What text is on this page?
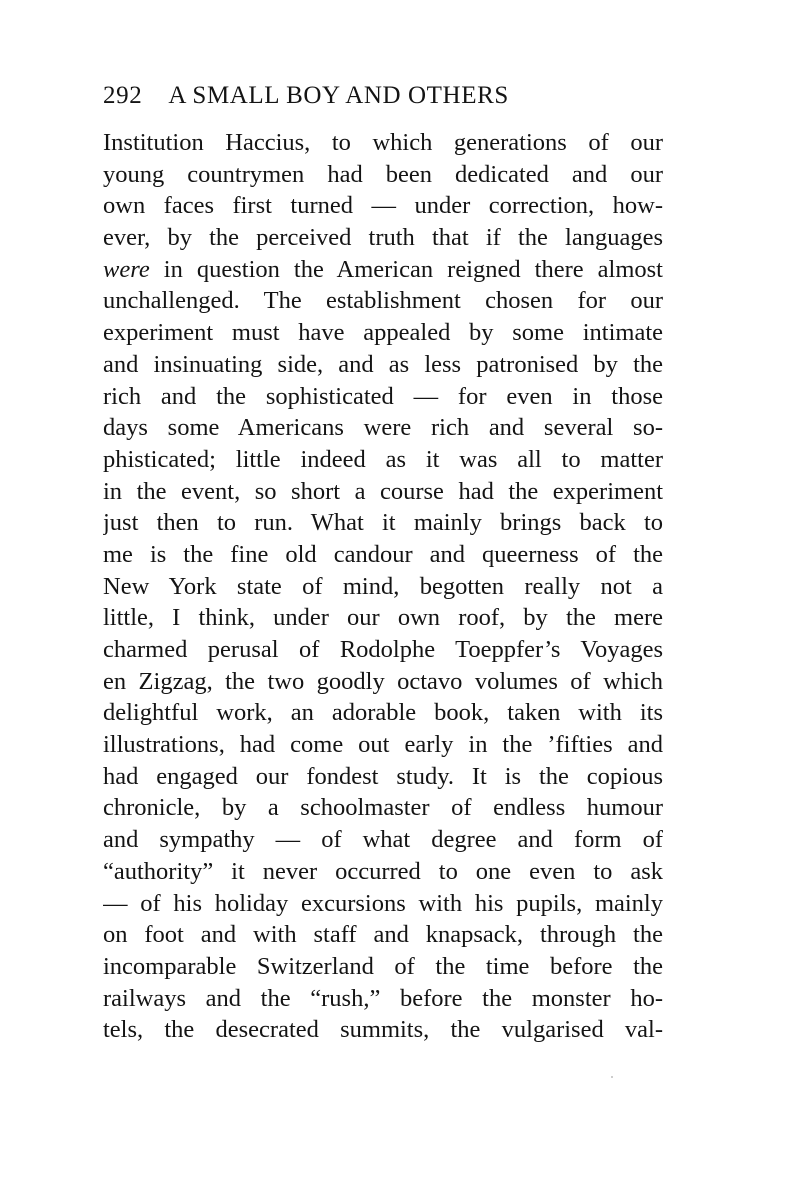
292 A SMALL BOY AND OTHERS
Institution Haccius, to which generations of our
young countrymen had been dedicated and our
own faces first turned — under correction, how-
ever, by the perceived truth that if the languages
were in question the American reigned there almost
unchallenged. The establishment chosen for our
experiment must have appealed by some intimate
and insinuating side, and as less patronised by the
rich and the sophisticated — for even in those
days some Americans were rich and several so-
phisticated; little indeed as it was all to matter
in the event, so short a course had the experiment
just then to run. What it mainly brings back to
me is the fine old candour and queerness of the
New York state of mind, begotten really not a
little, I think, under our own roof, by the mere
charmed perusal of Rodolphe Toeppfer’s Voyages
en Zigzag, the two goodly octavo volumes of which
delightful work, an adorable book, taken with its
illustrations, had come out early in the ’fifties and
had engaged our fondest study. It is the copious
chronicle, by a schoolmaster of endless humour
and sympathy — of what degree and form of
“authority” it never occurred to one even to ask
— of his holiday excursions with his pupils, mainly
on foot and with staff and knapsack, through the
incomparable Switzerland of the time before the
railways and the “rush,” before the monster ho-
tels, the desecrated summits, the vulgarised val-
